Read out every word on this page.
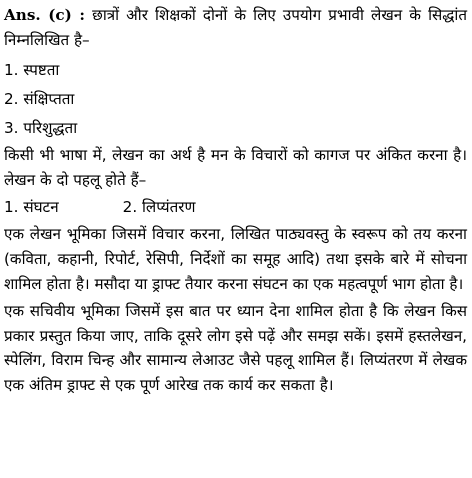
Ans. (c) : छात्रों और शिक्षकों दोनों के लिए उपयोग प्रभावी लेखन के सिद्धांत निम्नलिखित है–

1. स्पष्टता

2. संक्षिप्तता

3. परिशुद्धता

किसी भी भाषा में, लेखन का अर्थ है मन के विचारों को कागज पर अंकित करना है। लेखन के दो पहलू होते हैं–

1. संघटन	2. लिप्यंतरण

एक लेखन भूमिका जिसमें विचार करना, लिखित पाठ्यवस्तु के स्वरूप को तय करना (कविता, कहानी, रिपोर्ट, रेसिपी, निर्देशों का समूह आदि) तथा इसके बारे में सोचना शामिल होता है। मसौदा या ड्राफ्ट तैयार करना संघटन का एक महत्वपूर्ण भाग होता है।

एक सचिवीय भूमिका जिसमें इस बात पर ध्यान देना शामिल होता है कि लेखन किस प्रकार प्रस्तुत किया जाए, ताकि दूसरे लोग इसे पढ़ें और समझ सकें। इसमें हस्तलेखन, स्पेलिंग, विराम चिन्ह और सामान्य लेआउट जैसे पहलू शामिल हैं। लिप्यंतरण में लेखक एक अंतिम ड्राफ्ट से एक पूर्ण आरेख तक कार्य कर सकता है।
